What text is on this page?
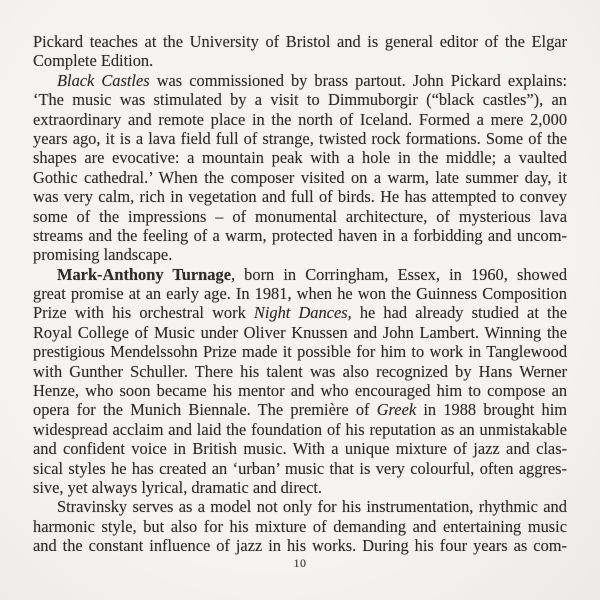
Pickard teaches at the University of Bristol and is general editor of the Elgar
Complete Edition.
Black Castles was commissioned by brass partout. John Pickard explains:
‘The music was stimulated by a visit to Dimmuborgir (“black castles”), an
extraordinary and remote place in the north of Iceland. Formed a mere 2,000
years ago, it is a lava field full of strange, twisted rock formations. Some of the
shapes are evocative: a mountain peak with a hole in the middle; a vaulted
Gothic cathedral.’ When the composer visited on a warm, late summer day, it
was very calm, rich in vegetation and full of birds. He has attempted to convey
some of the impressions – of monumental architecture, of mysterious lava
streams and the feeling of a warm, protected haven in a forbidding and uncom-
promising landscape.
Mark-Anthony Turnage, born in Corringham, Essex, in 1960, showed
great promise at an early age. In 1981, when he won the Guinness Composition
Prize with his orchestral work Night Dances, he had already studied at the
Royal College of Music under Oliver Knussen and John Lambert. Winning the
prestigious Mendelssohn Prize made it possible for him to work in Tanglewood
with Gunther Schuller. There his talent was also recognized by Hans Werner
Henze, who soon became his mentor and who encouraged him to compose an
opera for the Munich Biennale. The première of Greek in 1988 brought him
widespread acclaim and laid the foundation of his reputation as an unmistakable
and confident voice in British music. With a unique mixture of jazz and clas-
sical styles he has created an ‘urban’ music that is very colourful, often aggres-
sive, yet always lyrical, dramatic and direct.
Stravinsky serves as a model not only for his instrumentation, rhythmic and
harmonic style, but also for his mixture of demanding and entertaining music
and the constant influence of jazz in his works. During his four years as com-
10
